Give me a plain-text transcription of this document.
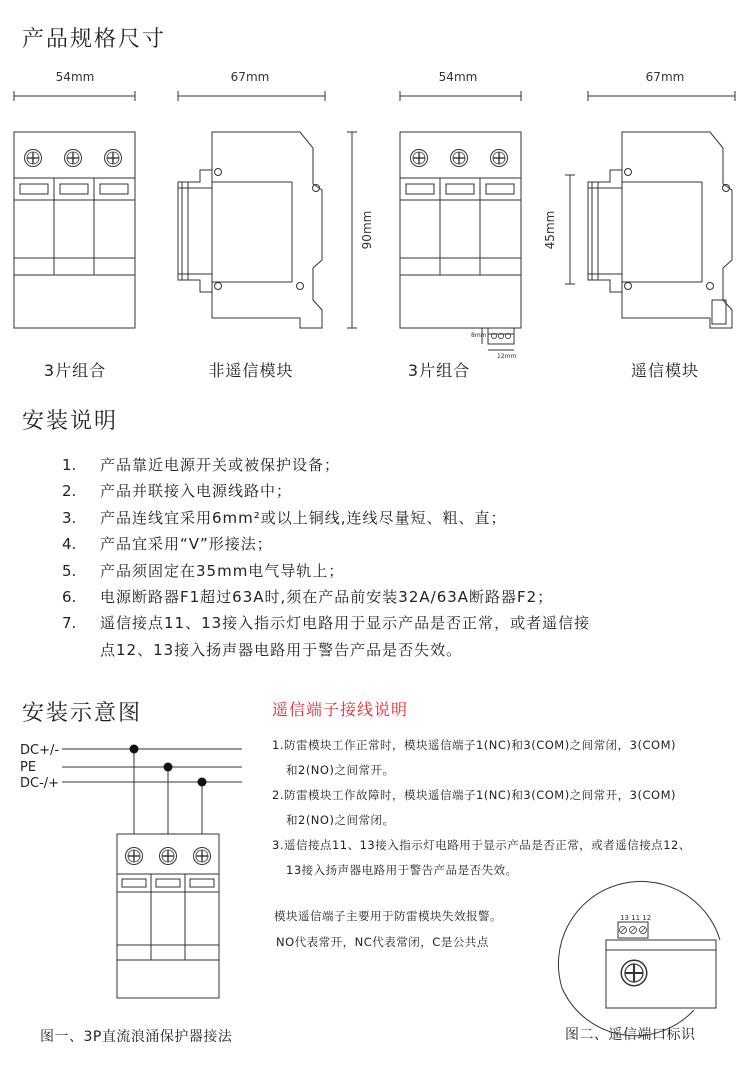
产品规格尺寸
安装说明
安装示意图
54mm	67mm	54mm	67mm
90mm	45mm
8mm
12mm
3片组合	非遥信模块	3片组合	遥信模块
1.	产品靠近电源开关或被保护设备；
2.	产品并联接入电源线路中；
3.	产品连线宜采用6mm²或以上铜线,连线尽量短、粗、直；
4.	产品宜采用“V”形接法；
5.	产品须固定在35mm电气导轨上；
6.	电源断路器F1超过63A时,须在产品前安装32A/63A断路器F2；
7.	遥信接点11、13接入指示灯电路用于显示产品是否正常，或者遥信接
点12、13接入扬声器电路用于警告产品是否失效。
DC+/-
PE
DC-/+
图一、3P直流浪涌保护器接法
遥信端子接线说明
1.防雷模块工作正常时，模块遥信端子1(NC)和3(COM)之间常闭，3(COM)
和2(NO)之间常开。
2.防雷模块工作故障时，模块遥信端子1(NC)和3(COM)之间常开，3(COM)
和2(NO)之间常闭。
3.遥信接点11、13接入指示灯电路用于显示产品是否正常，或者遥信接点12、
13接入扬声器电路用于警告产品是否失效。
模块遥信端子主要用于防雷模块失效报警。
NO代表常开，NC代表常闭，C是公共点
13 11 12
图二、遥信端口标识
